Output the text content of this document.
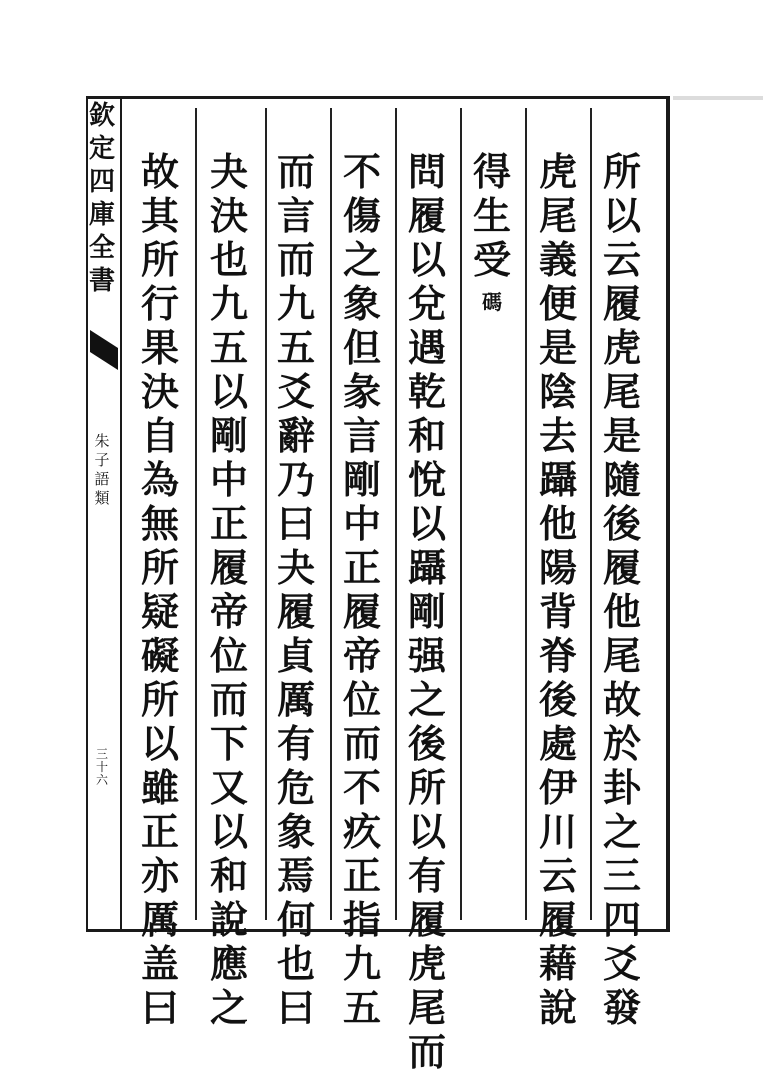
欽
定
四
庫
全
書
朱
子
語
類
三
十
六
所
以
云
履
虎
尾
是
隨
後
履
他
尾
故
於
卦
之
三
四
爻
發
虎
尾
義
便
是
陰
去
躡
他
陽
背
脊
後
處
伊
川
云
履
藉
說
得
生
受
碼
問
履
以
兌
遇
乾
和
悅
以
躡
剛
强
之
後
所
以
有
履
虎
尾
而
不
傷
之
象
但
彖
言
剛
中
正
履
帝
位
而
不
疚
正
指
九
五
而
言
而
九
五
爻
辭
乃
曰
夬
履
貞
厲
有
危
象
焉
何
也
曰
夬
決
也
九
五
以
剛
中
正
履
帝
位
而
下
又
以
和
說
應
之
故
其
所
行
果
決
自
為
無
所
疑
礙
所
以
雖
正
亦
厲
盖
曰
